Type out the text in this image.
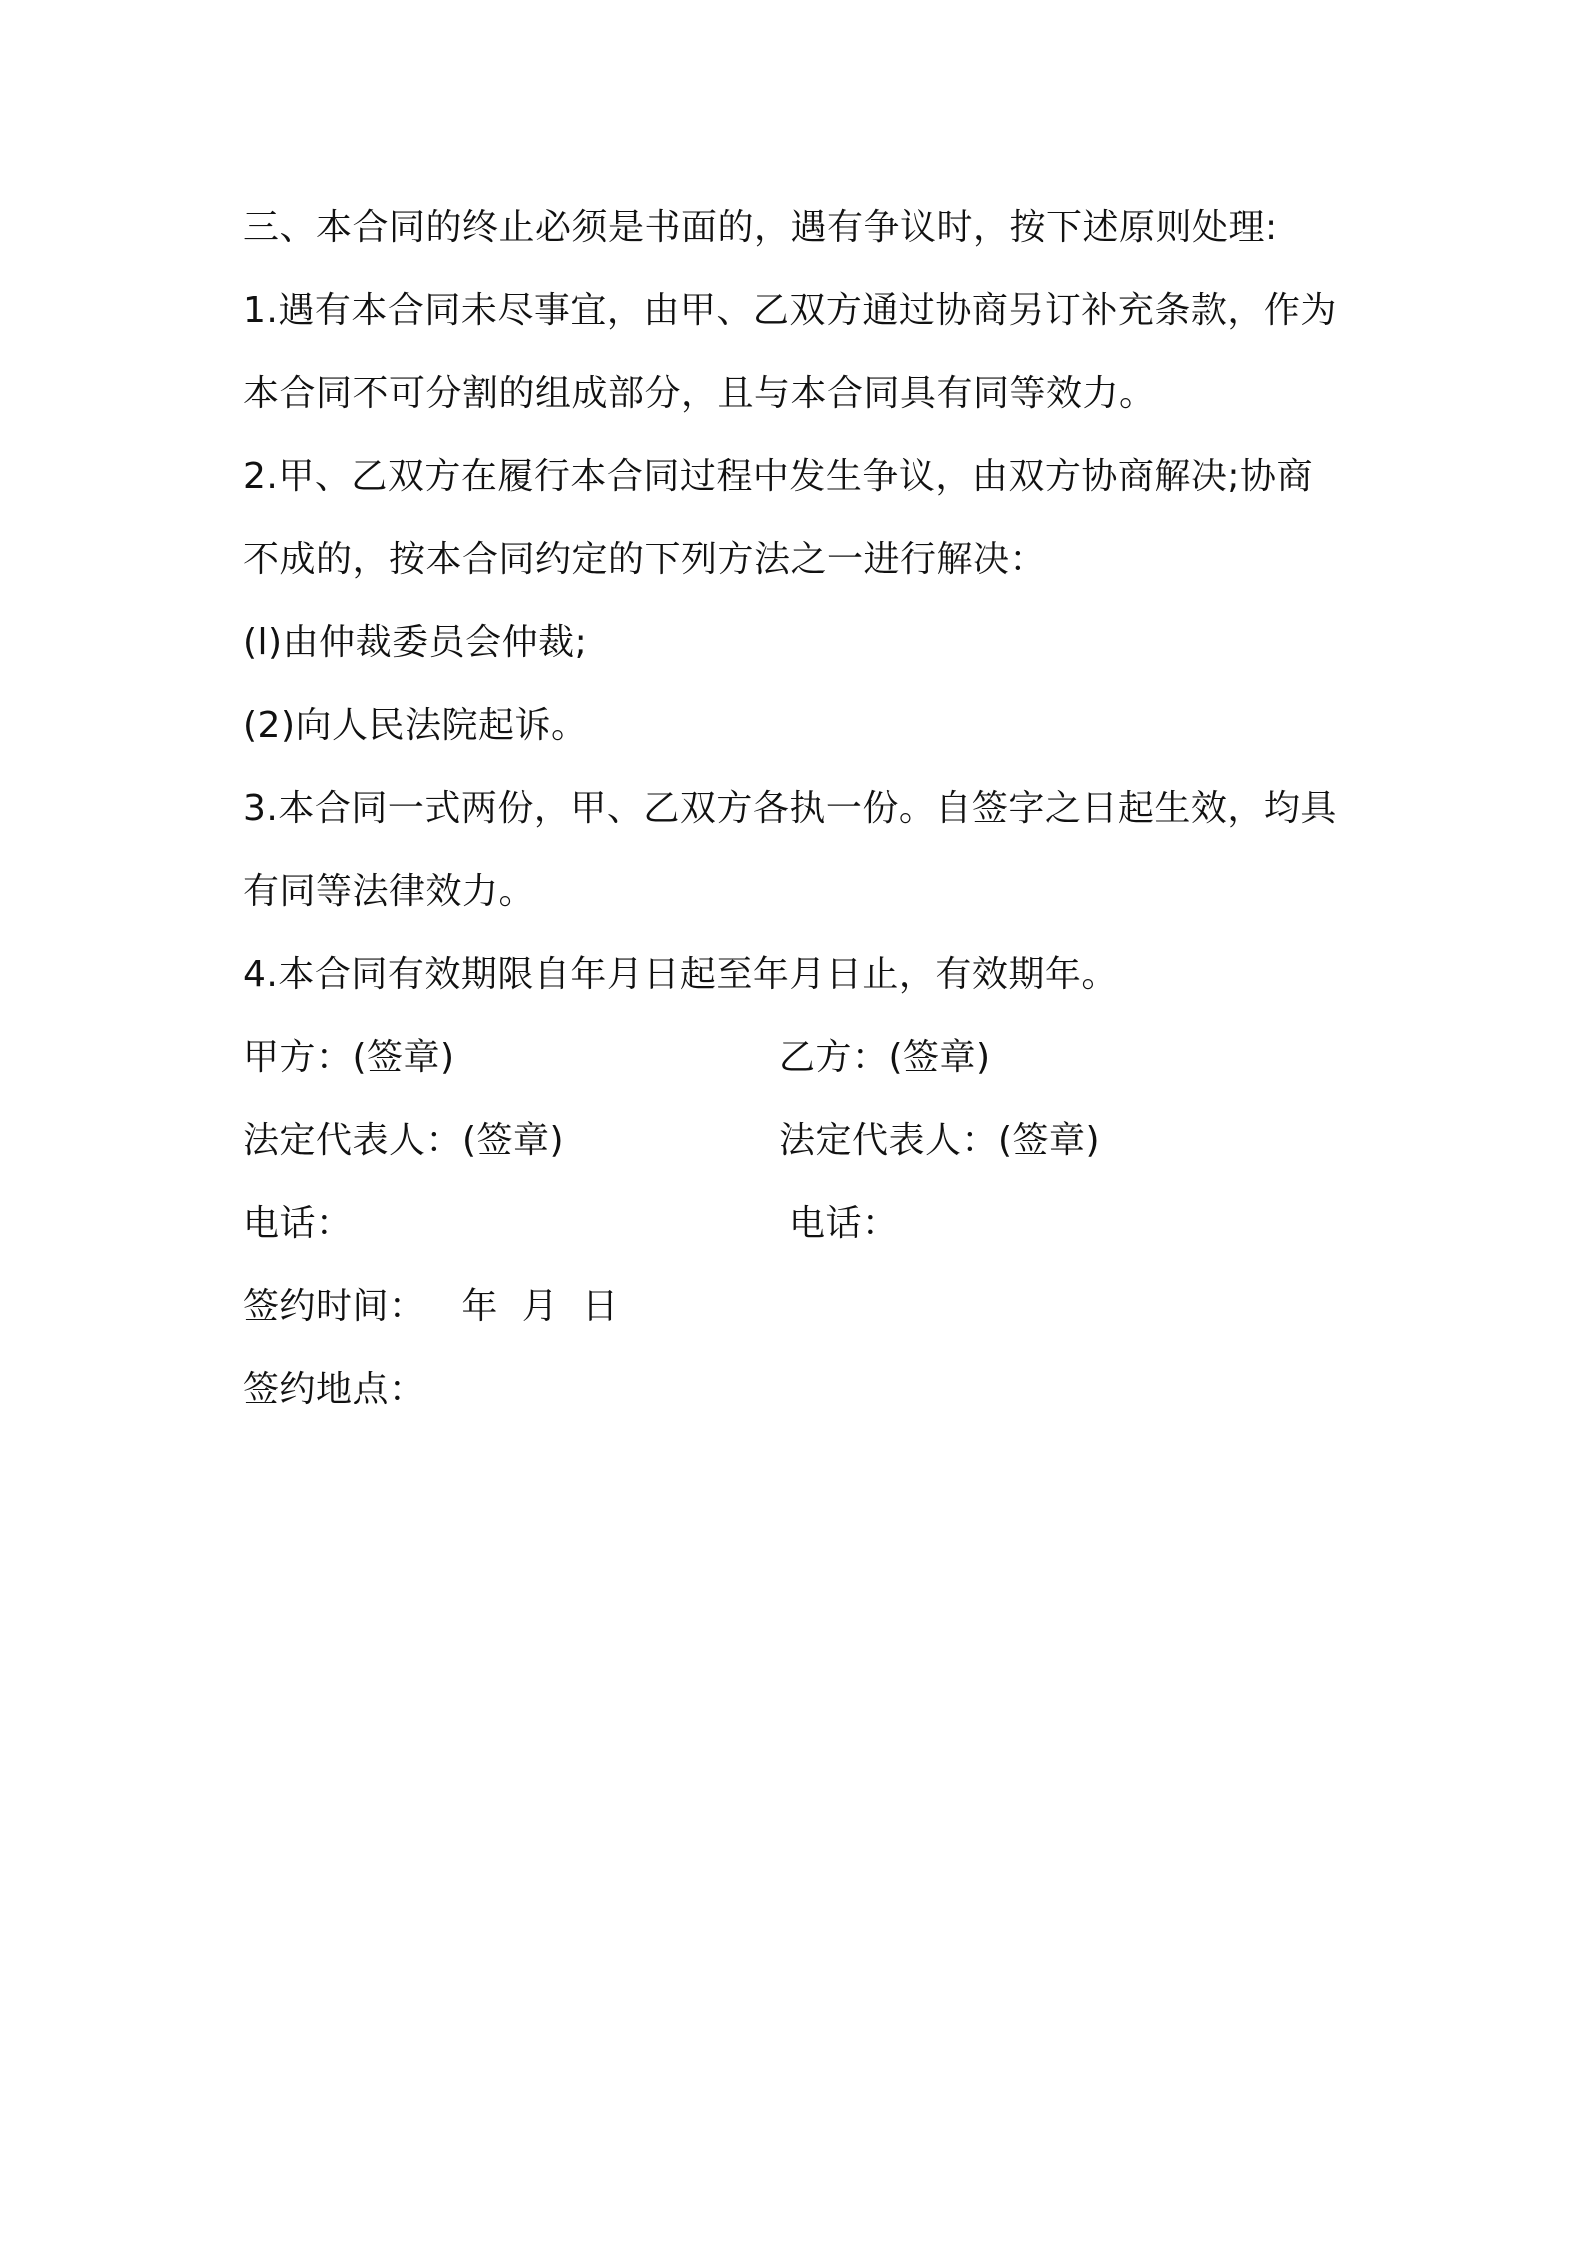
三、本合同的终止必须是书面的，遇有争议时，按下述原则处理:
1.遇有本合同未尽事宜，由甲、乙双方通过协商另订补充条款，作为
本合同不可分割的组成部分，且与本合同具有同等效力。
2.甲、乙双方在履行本合同过程中发生争议，由双方协商解决;协商
不成的，按本合同约定的下列方法之一进行解决：
(l)由仲裁委员会仲裁;
(2)向人民法院起诉。
3.本合同一式两份，甲、乙双方各执一份。自签字之日起生效，均具
有同等法律效力。
4.本合同有效期限自年月日起至年月日止，有效期年。
甲方：(签章)	乙方：(签章)
法定代表人：(签章)	法定代表人：(签章)
电话：	电话：
签约时间：   年  月  日
签约地点：
